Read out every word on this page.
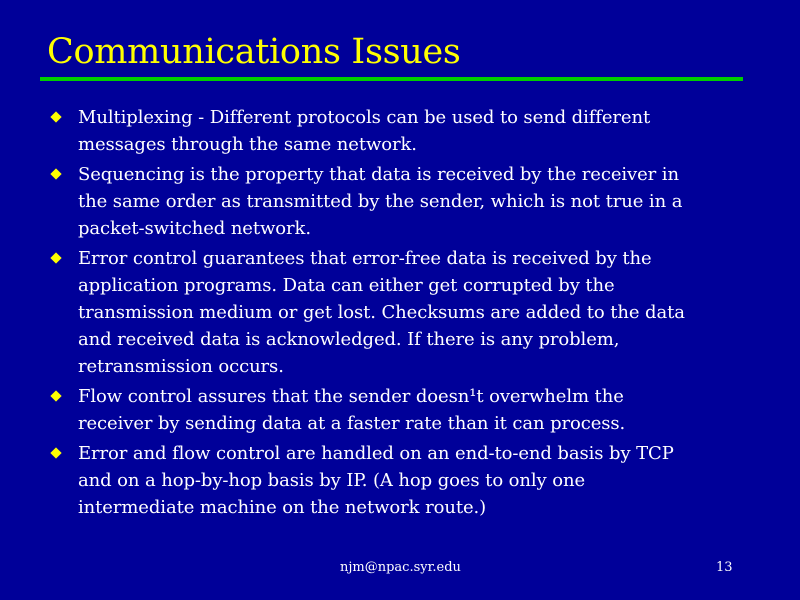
Communications Issues
Multiplexing - Different protocols can be used to send different
messages through the same network.
Sequencing is the property that data is received by the receiver in
the same order as transmitted by the sender, which is not true in a
packet-switched network.
Error control guarantees that error-free data is received by the
application programs. Data can either get corrupted by the
transmission medium or get lost. Checksums are added to the data
and received data is acknowledged. If there is any problem,
retransmission occurs.
Flow control assures that the sender doesn¹t overwhelm the
receiver by sending data at a faster rate than it can process.
Error and flow control are handled on an end-to-end basis by TCP
and on a hop-by-hop basis by IP. (A hop goes to only one
intermediate machine on the network route.)
njm@npac.syr.edu	13
